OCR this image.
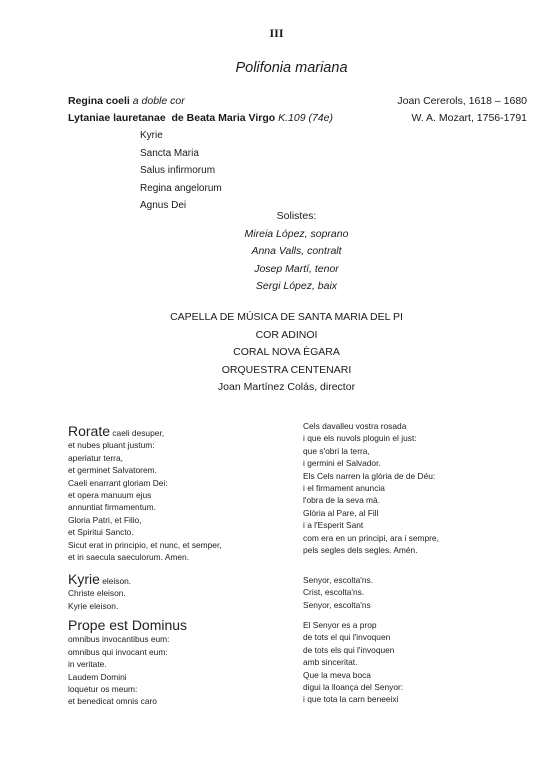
III
Polifonia mariana
Regina coeli a doble cor	Joan Cererols, 1618 – 1680
Lytaniae lauretanae  de Beata Maria Virgo K.109 (74e)	W. A. Mozart, 1756-1791
Kyrie
Sancta Maria
Salus infirmorum
Regina angelorum
Agnus Dei
Solistes:
Mireia López, soprano
Anna Valls, contralt
Josep Martí, tenor
Sergi López, baix
CAPELLA DE MÚSICA DE SANTA MARIA DEL PI
COR ADINOI
CORAL NOVA ÈGARA
ORQUESTRA CENTENARI
Joan Martínez Colás, director
Rorate caeli desuper,
et nubes pluant justum:
aperiatur terra,
et germinet Salvatorem.
Caeli enarrant gloriam Dei:
et opera manuum ejus
annuntiat firmamentum.
Gloria Patri, et Filio,
et Spiritui Sancto.
Sicut erat in principio, et nunc, et semper,
et in saecula saeculorum. Amen.
Cels davalleu vostra rosada
i que els nuvols ploguin el just:
que s'obri la terra,
i germini el Salvador.
Els Cels narren la glòria de de Déu:
i el firmament anuncia
l'obra de la seva mà.
Glòria al Pare, al Fill
i a l'Esperit Sant
com era en un principi, ara i sempre,
pels segles dels segles. Amén.
Kyrie eleison.
Christe eleison.
Kyrie eleison.
Senyor, escolta'ns.
Crist, escolta'ns.
Senyor, escolta'ns
Prope est Dominus
omnibus invocantibus eum:
omnibus qui invocant eum:
in veritate.
Laudem Domini
loquetur os meum:
et benedicat omnis caro
El Senyor es a prop
de tots el qui l'invoquen
de tots els qui l'invoquen
amb sinceritat.
Que la meva boca
digui la lloança del Senyor:
i que tota la carn beneeixi
